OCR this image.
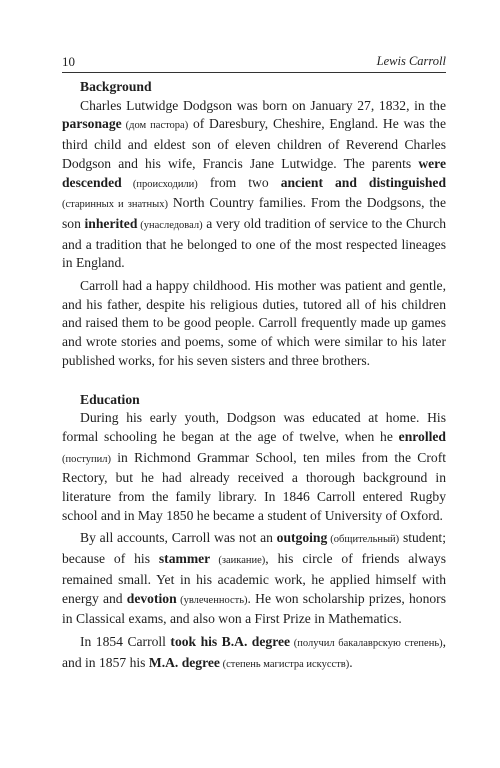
10	Lewis Carroll
Background

Charles Lutwidge Dodgson was born on January 27, 1832, in the parsonage (дом пастора) of Daresbury, Cheshire, England. He was the third child and eldest son of eleven children of Reverend Charles Dodgson and his wife, Francis Jane Lutwidge. The parents were descended (происходили) from two ancient and distinguished (старинных и знатных) North Country families. From the Dodgsons, the son inherited (унаследовал) a very old tradition of service to the Church and a tradition that he belonged to one of the most respected lineages in England.

Carroll had a happy childhood. His mother was patient and gentle, and his father, despite his religious duties, tutored all of his children and raised them to be good people. Carroll frequently made up games and wrote stories and poems, some of which were similar to his later published works, for his seven sisters and three brothers.

Education

During his early youth, Dodgson was educated at home. His formal schooling he began at the age of twelve, when he enrolled (поступил) in Richmond Grammar School, ten miles from the Croft Rectory, but he had already received a thorough background in literature from the family library. In 1846 Carroll entered Rugby school and in May 1850 he became a student of University of Oxford.

By all accounts, Carroll was not an outgoing (общительный) student; because of his stammer (заикание), his circle of friends always remained small. Yet in his academic work, he applied himself with energy and devotion (увлеченность). He won scholarship prizes, honors in Classical exams, and also won a First Prize in Mathematics.

In 1854 Carroll took his B.A. degree (получил бакалаврскую степень), and in 1857 his M.A. degree (степень магистра искусств).
